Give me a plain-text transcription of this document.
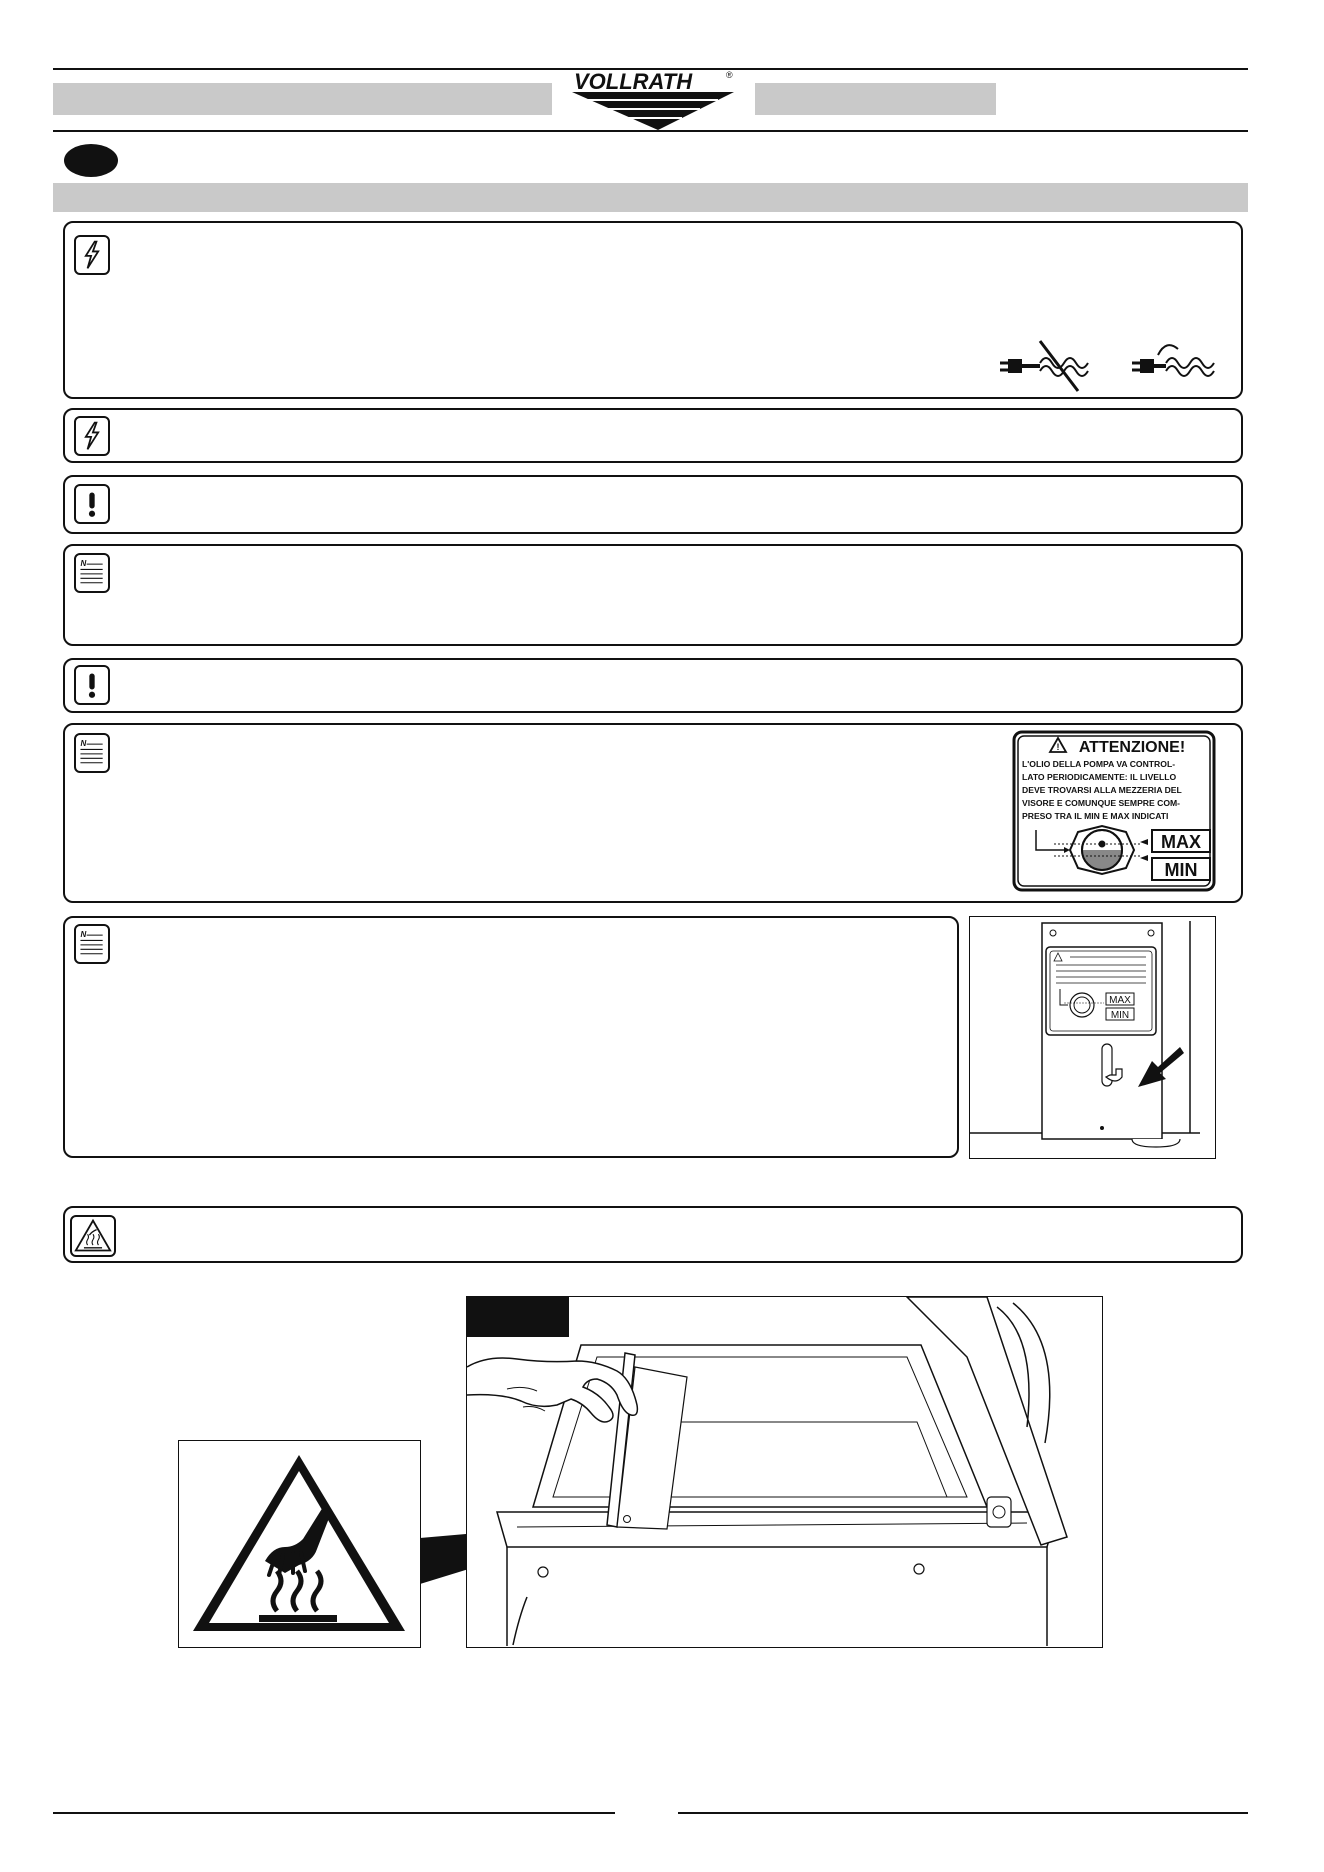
VOLLRATH	®
N
N	! ATTENZIONE!
L'OLIO DELLA POMPA VA CONTROL-
LATO PERIODICAMENTE: IL LIVELLO
DEVE TROVARSI ALLA MEZZERIA DEL
VISORE E COMUNQUE SEMPRE COM-
PRESO TRA IL MIN E MAX INDICATI
MAX
MIN
N
MAX
MIN
